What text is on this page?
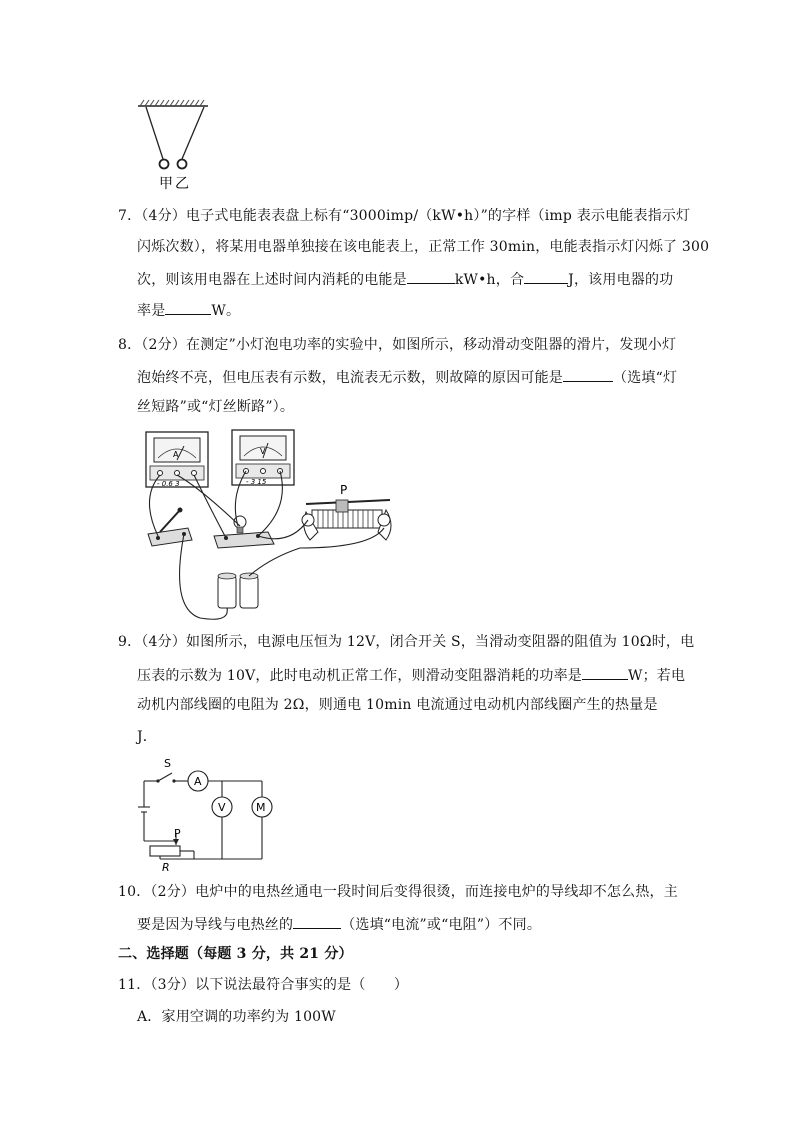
甲 乙
7．（4分）电子式电能表表盘上标有“3000imp/（kW•h）”的字样（imp 表示电能表指示灯
闪烁次数），将某用电器单独接在该电能表上，正常工作 30min，电能表指示灯闪烁了 300
次，则该用电器在上述时间内消耗的电能是	kW•h，合	J，该用电器的功
率是	W。
8．（2分）在测定”小灯泡电功率的实验中，如图所示，移动滑动变阻器的滑片，发现小灯
泡始终不亮，但电压表有示数，电流表无示数，则故障的原因可能是	（选填“灯
丝短路”或“灯丝断路”）。
A
- 0.6 3
V
- 3 15
P
9．（4分）如图所示，电源电压恒为 12V，闭合开关 S，当滑动变阻器的阻值为 10Ω时，电
压表的示数为 10V，此时电动机正常工作，则滑动变阻器消耗的功率是	W；若电
动机内部线圈的电阻为 2Ω，则通电 10min 电流通过电动机内部线圈产生的热量是
J．
S
A
V	M
P
R
10．（2分）电炉中的电热丝通电一段时间后变得很烫，而连接电炉的导线却不怎么热，主
要是因为导线与电热丝的	（选填“电流”或“电阻”）不同。
二、选择题（每题 3 分，共 21 分）
11．（3分）以下说法最符合事实的是（　　）
A．家用空调的功率约为 100W
